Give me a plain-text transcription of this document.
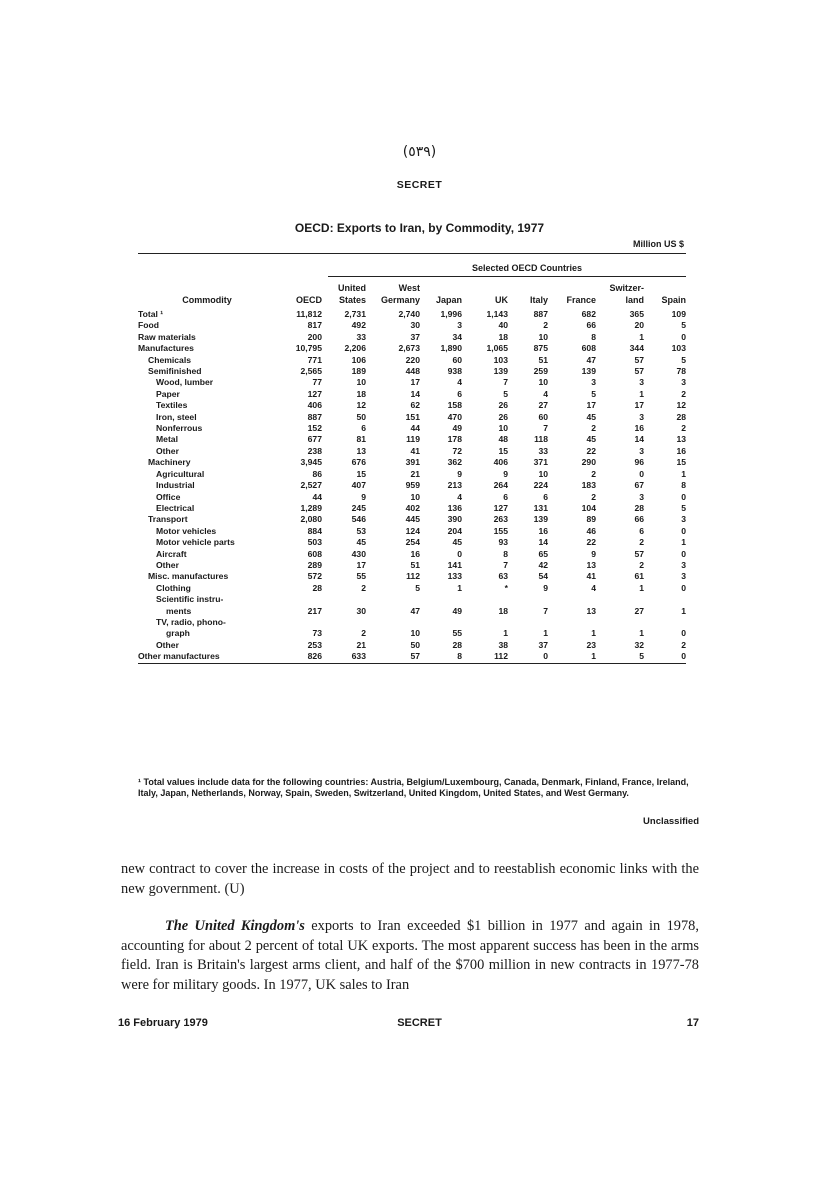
(٥٣٩)
SECRET
OECD: Exports to Iran, by Commodity, 1977
Million US $
Selected OECD Countries
Commodity	OECD	United States	West Germany	Japan	UK	Italy	France	Switzer-land	Spain
Total ¹	11,812	2,731	2,740	1,996	1,143	887	682	365	109
Food	817	492	30	3	40	2	66	20	5
Raw materials	200	33	37	34	18	10	8	1	0
Manufactures	10,795	2,206	2,673	1,890	1,065	875	608	344	103
Chemicals	771	106	220	60	103	51	47	57	5
Semifinished	2,565	189	448	938	139	259	139	57	78
Wood, lumber	77	10	17	4	7	10	3	3	3
Paper	127	18	14	6	5	4	5	1	2
Textiles	406	12	62	158	26	27	17	17	12
Iron, steel	887	50	151	470	26	60	45	3	28
Nonferrous	152	6	44	49	10	7	2	16	2
Metal	677	81	119	178	48	118	45	14	13
Other	238	13	41	72	15	33	22	3	16
Machinery	3,945	676	391	362	406	371	290	96	15
Agricultural	86	15	21	9	9	10	2	0	1
Industrial	2,527	407	959	213	264	224	183	67	8
Office	44	9	10	4	6	6	2	3	0
Electrical	1,289	245	402	136	127	131	104	28	5
Transport	2,080	546	445	390	263	139	89	66	3
Motor vehicles	884	53	124	204	155	16	46	6	0
Motor vehicle parts	503	45	254	45	93	14	22	2	1
Aircraft	608	430	16	0	8	65	9	57	0
Other	289	17	51	141	7	42	13	2	3
Misc. manufactures	572	55	112	133	63	54	41	61	3
Clothing	28	2	5	1	*	9	4	1	0
Scientific instru-									
ments	217	30	47	49	18	7	13	27	1
TV, radio, phono-									
graph	73	2	10	55	1	1	1	1	0
Other	253	21	50	28	38	37	23	32	2
Other manufactures	826	633	57	8	112	0	1	5	0
¹ Total values include data for the following countries: Austria, Belgium/Luxembourg, Canada, Denmark, Finland, France, Ireland, Italy, Japan, Netherlands, Norway, Spain, Sweden, Switzerland, United Kingdom, United States, and West Germany.
Unclassified
new contract to cover the increase in costs of the project and to reestablish economic links with the new government. (U)
The United Kingdom's exports to Iran exceeded $1 billion in 1977 and again in 1978, accounting for about 2 percent of total UK exports. The most apparent success has been in the arms field. Iran is Britain's largest arms client, and half of the $700 million in new contracts in 1977-78 were for military goods. In 1977, UK sales to Iran
16 February 1979	SECRET	17
